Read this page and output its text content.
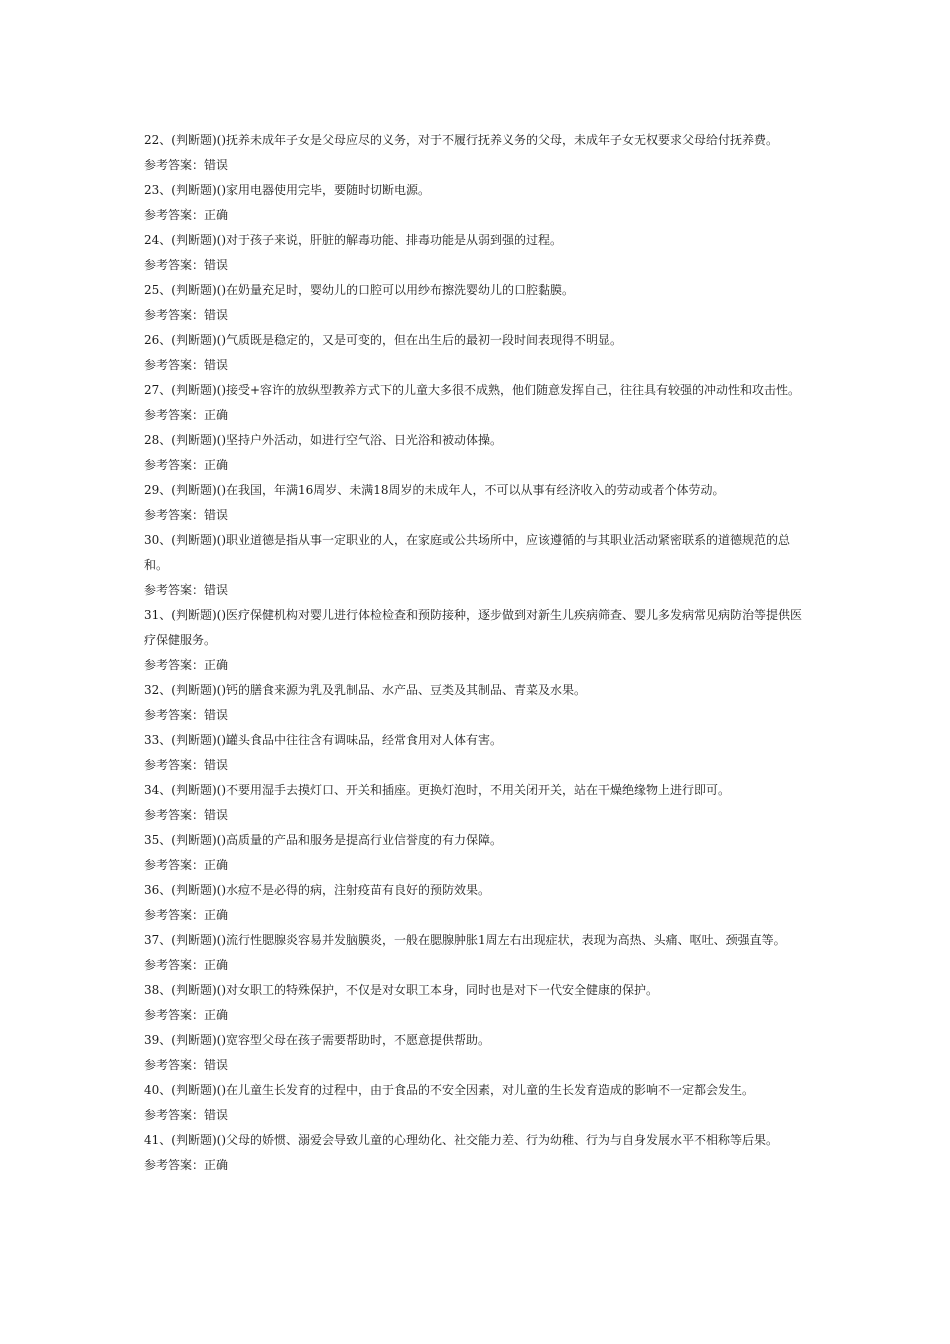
22、(判断题)()抚养未成年子女是父母应尽的义务，对于不履行抚养义务的父母，未成年子女无权要求父母给付抚养费。

参考答案：错误

23、(判断题)()家用电器使用完毕，要随时切断电源。

参考答案：正确

24、(判断题)()对于孩子来说，肝脏的解毒功能、排毒功能是从弱到强的过程。

参考答案：错误

25、(判断题)()在奶量充足时，婴幼儿的口腔可以用纱布擦洗婴幼儿的口腔黏膜。

参考答案：错误

26、(判断题)()气质既是稳定的，又是可变的，但在出生后的最初一段时间表现得不明显。

参考答案：错误

27、(判断题)()接受+容许的放纵型教养方式下的儿童大多很不成熟，他们随意发挥自己，往往具有较强的冲动性和攻击性。

参考答案：正确

28、(判断题)()坚持户外活动，如进行空气浴、日光浴和被动体操。

参考答案：正确

29、(判断题)()在我国，年满16周岁、未满18周岁的未成年人，不可以从事有经济收入的劳动或者个体劳动。

参考答案：错误

30、(判断题)()职业道德是指从事一定职业的人，在家庭或公共场所中，应该遵循的与其职业活动紧密联系的道德规范的总和。

参考答案：错误

31、(判断题)()医疗保健机构对婴儿进行体检检查和预防接种，逐步做到对新生儿疾病筛查、婴儿多发病常见病防治等提供医疗保健服务。

参考答案：正确

32、(判断题)()钙的膳食来源为乳及乳制品、水产品、豆类及其制品、青菜及水果。

参考答案：错误

33、(判断题)()罐头食品中往往含有调味品，经常食用对人体有害。

参考答案：错误

34、(判断题)()不要用湿手去摸灯口、开关和插座。更换灯泡时，不用关闭开关，站在干燥绝缘物上进行即可。

参考答案：错误

35、(判断题)()高质量的产品和服务是提高行业信誉度的有力保障。

参考答案：正确

36、(判断题)()水痘不是必得的病，注射疫苗有良好的预防效果。

参考答案：正确

37、(判断题)()流行性腮腺炎容易并发脑膜炎，一般在腮腺肿胀1周左右出现症状，表现为高热、头痛、呕吐、颈强直等。

参考答案：正确

38、(判断题)()对女职工的特殊保护，不仅是对女职工本身，同时也是对下一代安全健康的保护。

参考答案：正确

39、(判断题)()宽容型父母在孩子需要帮助时，不愿意提供帮助。

参考答案：错误

40、(判断题)()在儿童生长发育的过程中，由于食品的不安全因素，对儿童的生长发育造成的影响不一定都会发生。

参考答案：错误

41、(判断题)()父母的娇惯、溺爱会导致儿童的心理幼化、社交能力差、行为幼稚、行为与自身发展水平不相称等后果。

参考答案：正确
